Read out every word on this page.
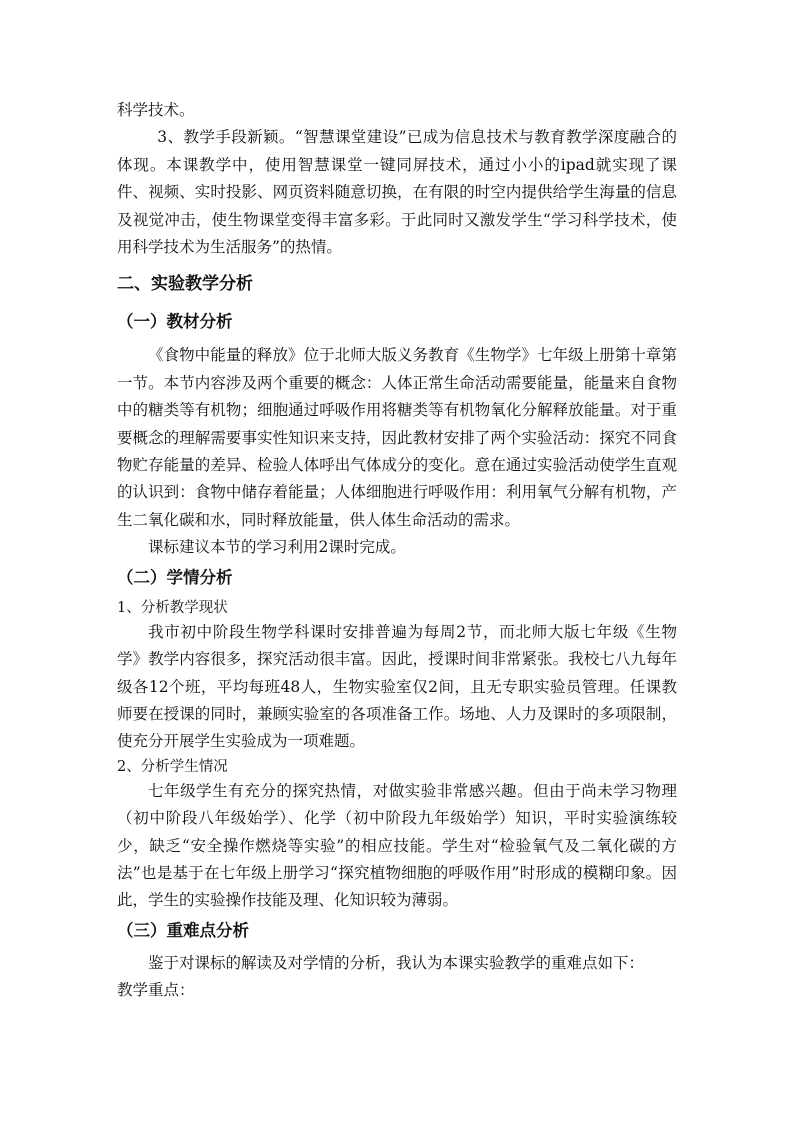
科学技术。

3、教学手段新颖。“智慧课堂建设”已成为信息技术与教育教学深度融合的体现。本课教学中，使用智慧课堂一键同屏技术，通过小小的ipad就实现了课件、视频、实时投影、网页资料随意切换，在有限的时空内提供给学生海量的信息及视觉冲击，使生物课堂变得丰富多彩。于此同时又激发学生“学习科学技术，使用科学技术为生活服务”的热情。

二、实验教学分析
（一）教材分析

《食物中能量的释放》位于北师大版义务教育《生物学》七年级上册第十章第一节。本节内容涉及两个重要的概念：人体正常生命活动需要能量，能量来自食物中的糖类等有机物；细胞通过呼吸作用将糖类等有机物氧化分解释放能量。对于重要概念的理解需要事实性知识来支持，因此教材安排了两个实验活动：探究不同食物贮存能量的差异、检验人体呼出气体成分的变化。意在通过实验活动使学生直观的认识到：食物中储存着能量；人体细胞进行呼吸作用：利用氧气分解有机物，产生二氧化碳和水，同时释放能量，供人体生命活动的需求。

课标建议本节的学习利用2课时完成。

（二）学情分析

1、分析教学现状

我市初中阶段生物学科课时安排普遍为每周2节，而北师大版七年级《生物学》教学内容很多，探究活动很丰富。因此，授课时间非常紧张。我校七八九每年级各12个班，平均每班48人，生物实验室仅2间，且无专职实验员管理。任课教师要在授课的同时，兼顾实验室的各项准备工作。场地、人力及课时的多项限制，使充分开展学生实验成为一项难题。

2、分析学生情况

七年级学生有充分的探究热情，对做实验非常感兴趣。但由于尚未学习物理（初中阶段八年级始学）、化学（初中阶段九年级始学）知识，平时实验演练较少，缺乏“安全操作燃烧等实验”的相应技能。学生对“检验氧气及二氧化碳的方法”也是基于在七年级上册学习“探究植物细胞的呼吸作用”时形成的模糊印象。因此，学生的实验操作技能及理、化知识较为薄弱。

（三）重难点分析

鉴于对课标的解读及对学情的分析，我认为本课实验教学的重难点如下：

教学重点：
